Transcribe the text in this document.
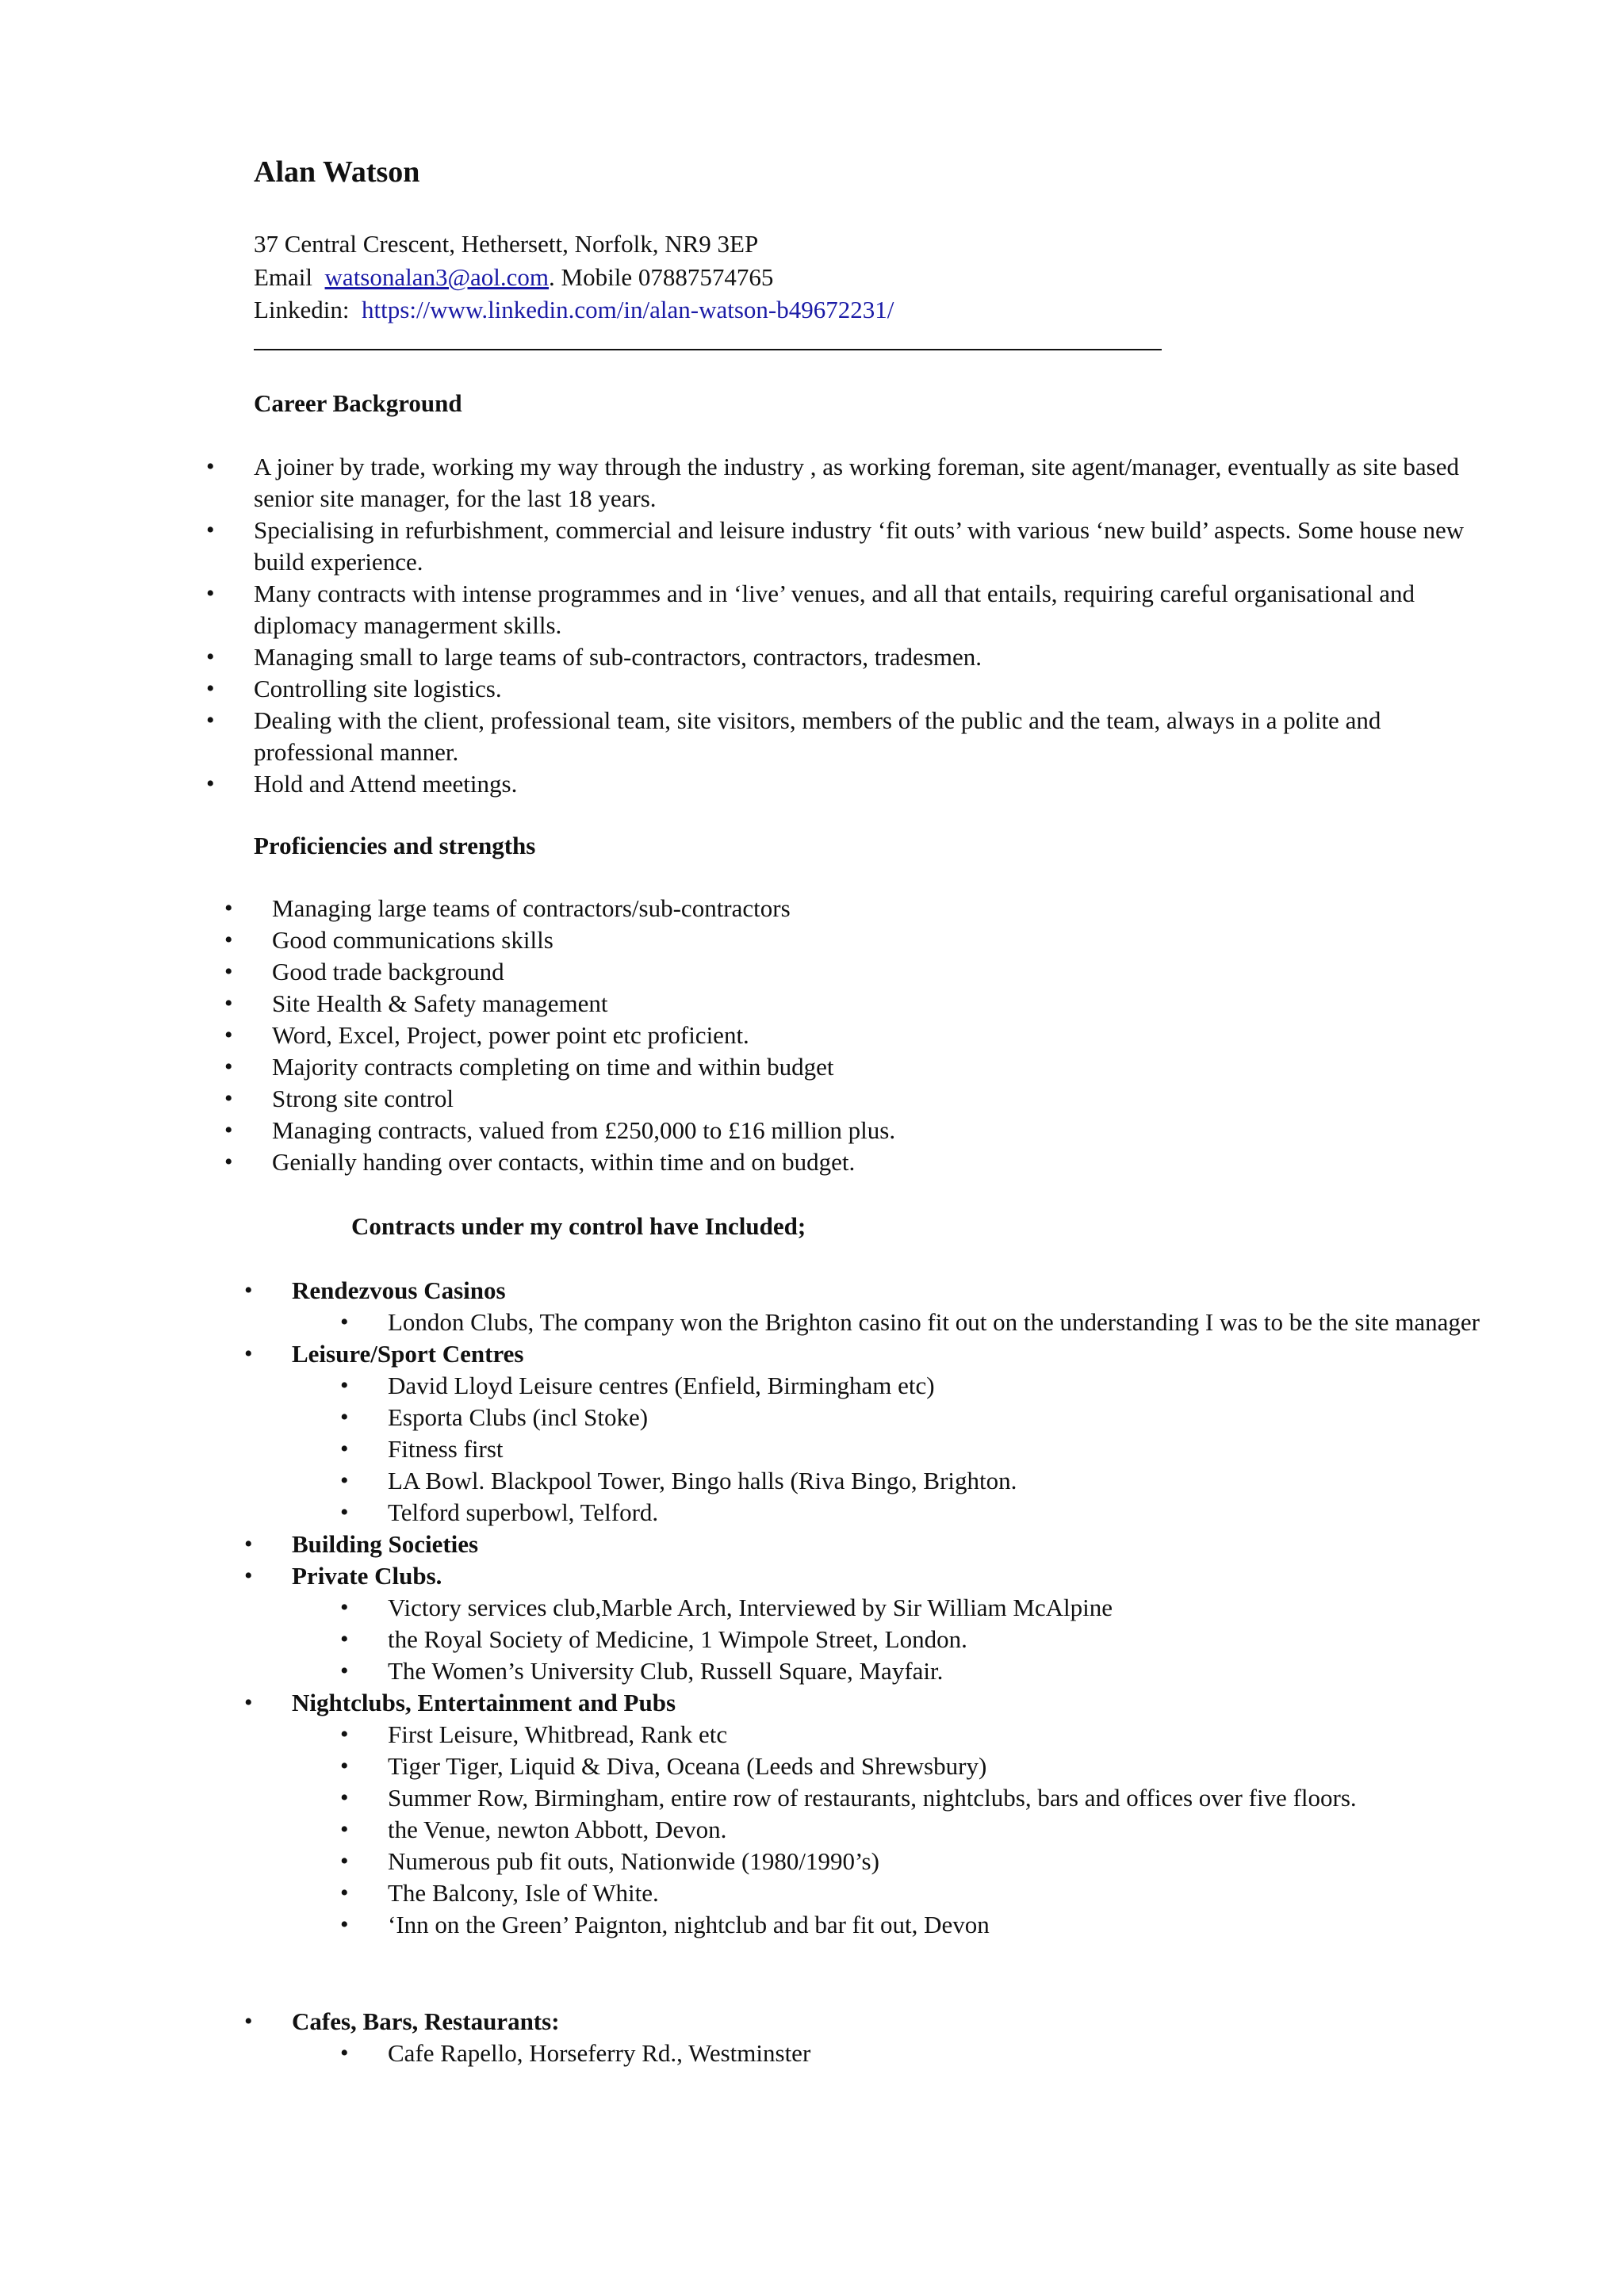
Alan Watson
37 Central Crescent, Hethersett, Norfolk, NR9 3EP
Email watsonalan3@aol.com. Mobile 07887574765
Linkedin: https://www.linkedin.com/in/alan-watson-b49672231/
Career Background
• A joiner by trade, working my way through the industry , as working foreman, site agent/manager, eventually as site based senior site manager, for the last 18 years.
• Specialising in refurbishment, commercial and leisure industry ‘fit outs’ with various ‘new build’ aspects. Some house new build experience.
• Many contracts with intense programmes and in ‘live’ venues, and all that entails, requiring careful organisational and diplomacy managerment skills.
• Managing small to large teams of sub-contractors, contractors, tradesmen.
• Controlling site logistics.
• Dealing with the client, professional team, site visitors, members of the public and the team, always in a polite and professional manner.
• Hold and Attend meetings.
Proficiencies and strengths
• Managing large teams of contractors/sub-contractors
• Good communications skills
• Good trade background
• Site Health & Safety management
• Word, Excel, Project, power point etc proficient.
• Majority contracts completing on time and within budget
• Strong site control
• Managing contracts, valued from £250,000 to £16 million plus.
• Genially handing over contacts, within time and on budget.
Contracts under my control have Included;
• Rendezvous Casinos
• London Clubs, The company won the Brighton casino fit out on the understanding I was to be the site manager
• Leisure/Sport Centres
• David Lloyd Leisure centres (Enfield, Birmingham etc)
• Esporta Clubs (incl Stoke)
• Fitness first
• LA Bowl. Blackpool Tower, Bingo halls (Riva Bingo, Brighton.
• Telford superbowl, Telford.
• Building Societies
• Private Clubs.
• Victory services club,Marble Arch, Interviewed by Sir William McAlpine
• the Royal Society of Medicine, 1 Wimpole Street, London.
• The Women’s University Club, Russell Square, Mayfair.
• Nightclubs, Entertainment and Pubs
• First Leisure, Whitbread, Rank etc
• Tiger Tiger, Liquid & Diva, Oceana (Leeds and Shrewsbury)
• Summer Row, Birmingham, entire row of restaurants, nightclubs, bars and offices over five floors.
• the Venue, newton Abbott, Devon.
• Numerous pub fit outs, Nationwide (1980/1990’s)
• The Balcony, Isle of White.
• ‘Inn on the Green’ Paignton, nightclub and bar fit out, Devon
• Cafes, Bars, Restaurants:
• Cafe Rapello, Horseferry Rd., Westminster
